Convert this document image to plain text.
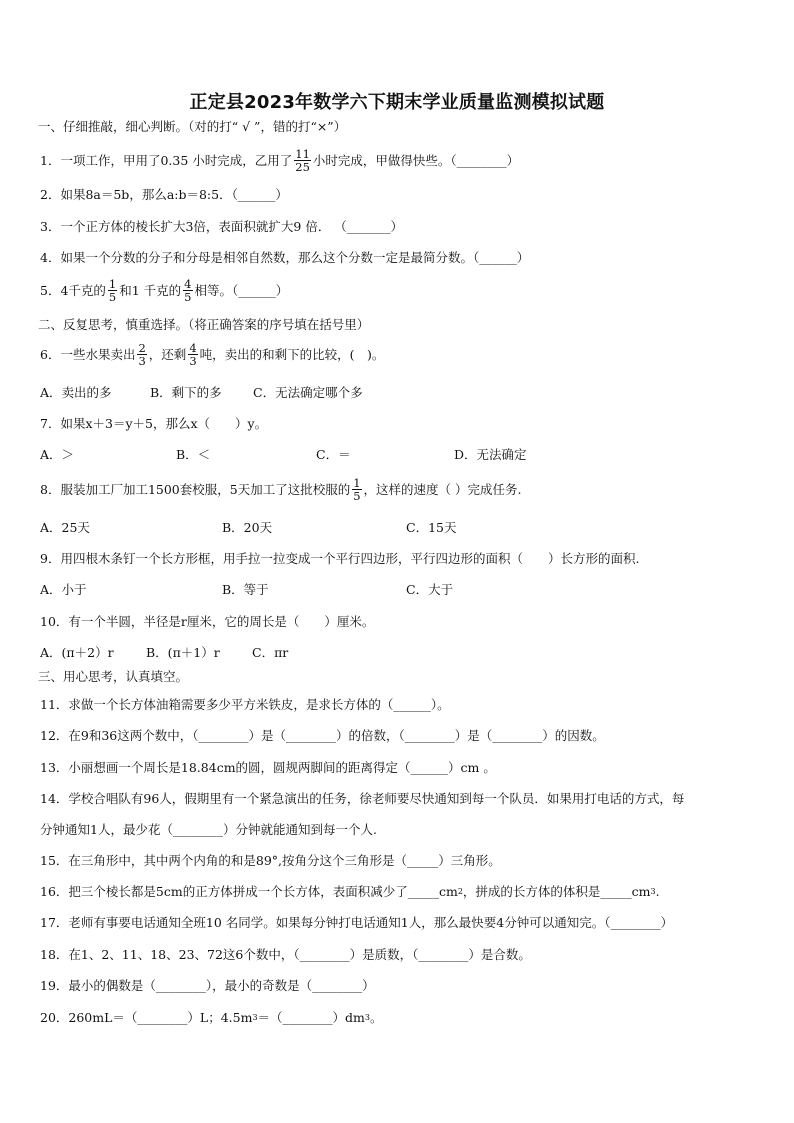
正定县2023年数学六下期末学业质量监测模拟试题
一、仔细推敲，细心判断。（对的打“ √ ”，错的打“×”）
1．一项工作，甲用了0.35 小时完成，乙用了 $\frac{11}{25}$ 小时完成，甲做得快些。（________）
2．如果8a＝5b，那么a:b＝8:5．（______）
3．一个正方体的棱长扩大3倍，表面积就扩大9 倍． （_______）
4．如果一个分数的分子和分母是相邻自然数，那么这个分数一定是最简分数。（______）
5．4千克的 $\frac{1}{5}$ 和1 千克的 $\frac{4}{5}$ 相等。（______）
二、反复思考，慎重选择。（将正确答案的序号填在括号里）
6．一些水果卖出 $\frac{2}{3}$ ，还剩 $\frac{4}{3}$ 吨，卖出的和剩下的比较，(　)。
A．卖出的多	B．剩下的多	C．无法确定哪个多
7．如果x＋3＝y＋5，那么x（　　）y。
A．＞	B．＜	C．＝	D．无法确定
8．服装加工厂加工1500套校服，5天加工了这批校服的 $\frac{1}{5}$ ，这样的速度（ ）完成任务.
A．25天	B．20天	C．15天
9．用四根木条钉一个长方形框，用手拉一拉变成一个平行四边形，平行四边形的面积（　　）长方形的面积.
A．小于	B．等于	C．大于
10．有一个半圆，半径是r厘米，它的周长是（　　）厘米。
A．(π＋2）r	B．(π＋1）r	C．πr
三、用心思考，认真填空。
11．求做一个长方体油箱需要多少平方米铁皮，是求长方体的（______）。
12．在9和36这两个数中，（________）是（________）的倍数，（________）是（________）的因数。
13．小丽想画一个周长是18.84cm的圆，圆规两脚间的距离得定（______）cm 。
14．学校合唱队有96人，假期里有一个紧急演出的任务，徐老师要尽快通知到每一个队员．如果用打电话的方式，每
分钟通知1人，最少花（________）分钟就能通知到每一个人.
15．在三角形中，其中两个内角的和是89°,按角分这个三角形是（_____）三角形。
16．把三个棱长都是5cm的正方体拼成一个长方体，表面积减少了_____cm 2 ，拼成的长方体的体积是_____cm 3 .
17．老师有事要电话通知全班10 名同学。如果每分钟打电话通知1人，那么最快要4分钟可以通知完。（________）
18．在1、2、11、18、23、72这6个数中，（________）是质数，（________）是合数。
19．最小的偶数是（________），最小的奇数是（________）
20．260mL＝（________）L；4.5m 3 ＝（________）dm 3 。
